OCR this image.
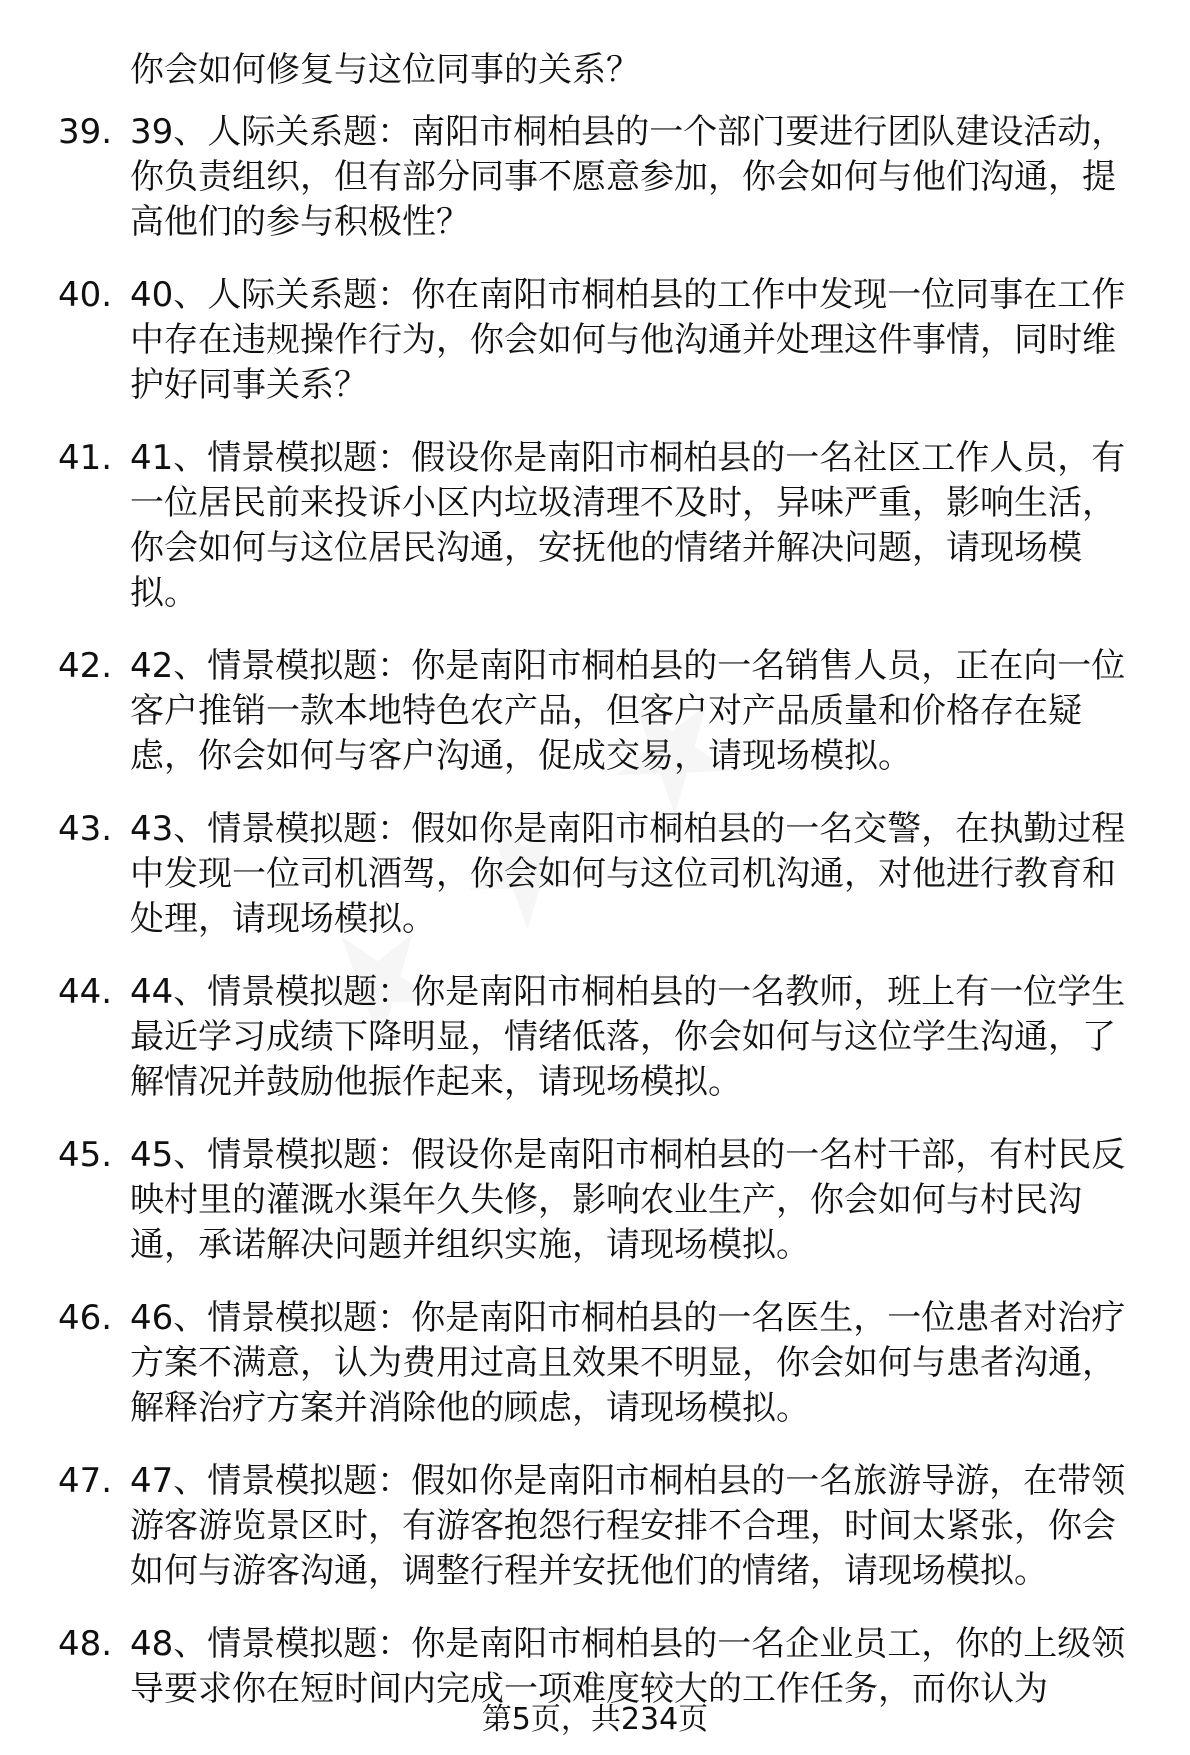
你会如何修复与这位同事的关系？

39. 39、人际关系题：南阳市桐柏县的一个部门要进行团队建设活动，你负责组织，但有部分同事不愿意参加，你会如何与他们沟通，提高他们的参与积极性？

40. 40、人际关系题：你在南阳市桐柏县的工作中发现一位同事在工作中存在违规操作行为，你会如何与他沟通并处理这件事情，同时维护好同事关系？

41. 41、情景模拟题：假设你是南阳市桐柏县的一名社区工作人员，有一位居民前来投诉小区内垃圾清理不及时，异味严重，影响生活，你会如何与这位居民沟通，安抚他的情绪并解决问题，请现场模拟。

42. 42、情景模拟题：你是南阳市桐柏县的一名销售人员，正在向一位客户推销一款本地特色农产品，但客户对产品质量和价格存在疑虑，你会如何与客户沟通，促成交易，请现场模拟。

43. 43、情景模拟题：假如你是南阳市桐柏县的一名交警，在执勤过程中发现一位司机酒驾，你会如何与这位司机沟通，对他进行教育和处理，请现场模拟。

44. 44、情景模拟题：你是南阳市桐柏县的一名教师，班上有一位学生最近学习成绩下降明显，情绪低落，你会如何与这位学生沟通，了解情况并鼓励他振作起来，请现场模拟。

45. 45、情景模拟题：假设你是南阳市桐柏县的一名村干部，有村民反映村里的灌溉水渠年久失修，影响农业生产，你会如何与村民沟通，承诺解决问题并组织实施，请现场模拟。

46. 46、情景模拟题：你是南阳市桐柏县的一名医生，一位患者对治疗方案不满意，认为费用过高且效果不明显，你会如何与患者沟通，解释治疗方案并消除他的顾虑，请现场模拟。

47. 47、情景模拟题：假如你是南阳市桐柏县的一名旅游导游，在带领游客游览景区时，有游客抱怨行程安排不合理，时间太紧张，你会如何与游客沟通，调整行程并安抚他们的情绪，请现场模拟。

48. 48、情景模拟题：你是南阳市桐柏县的一名企业员工，你的上级领导要求你在短时间内完成一项难度较大的工作任务，而你认为

第5页，共234页
